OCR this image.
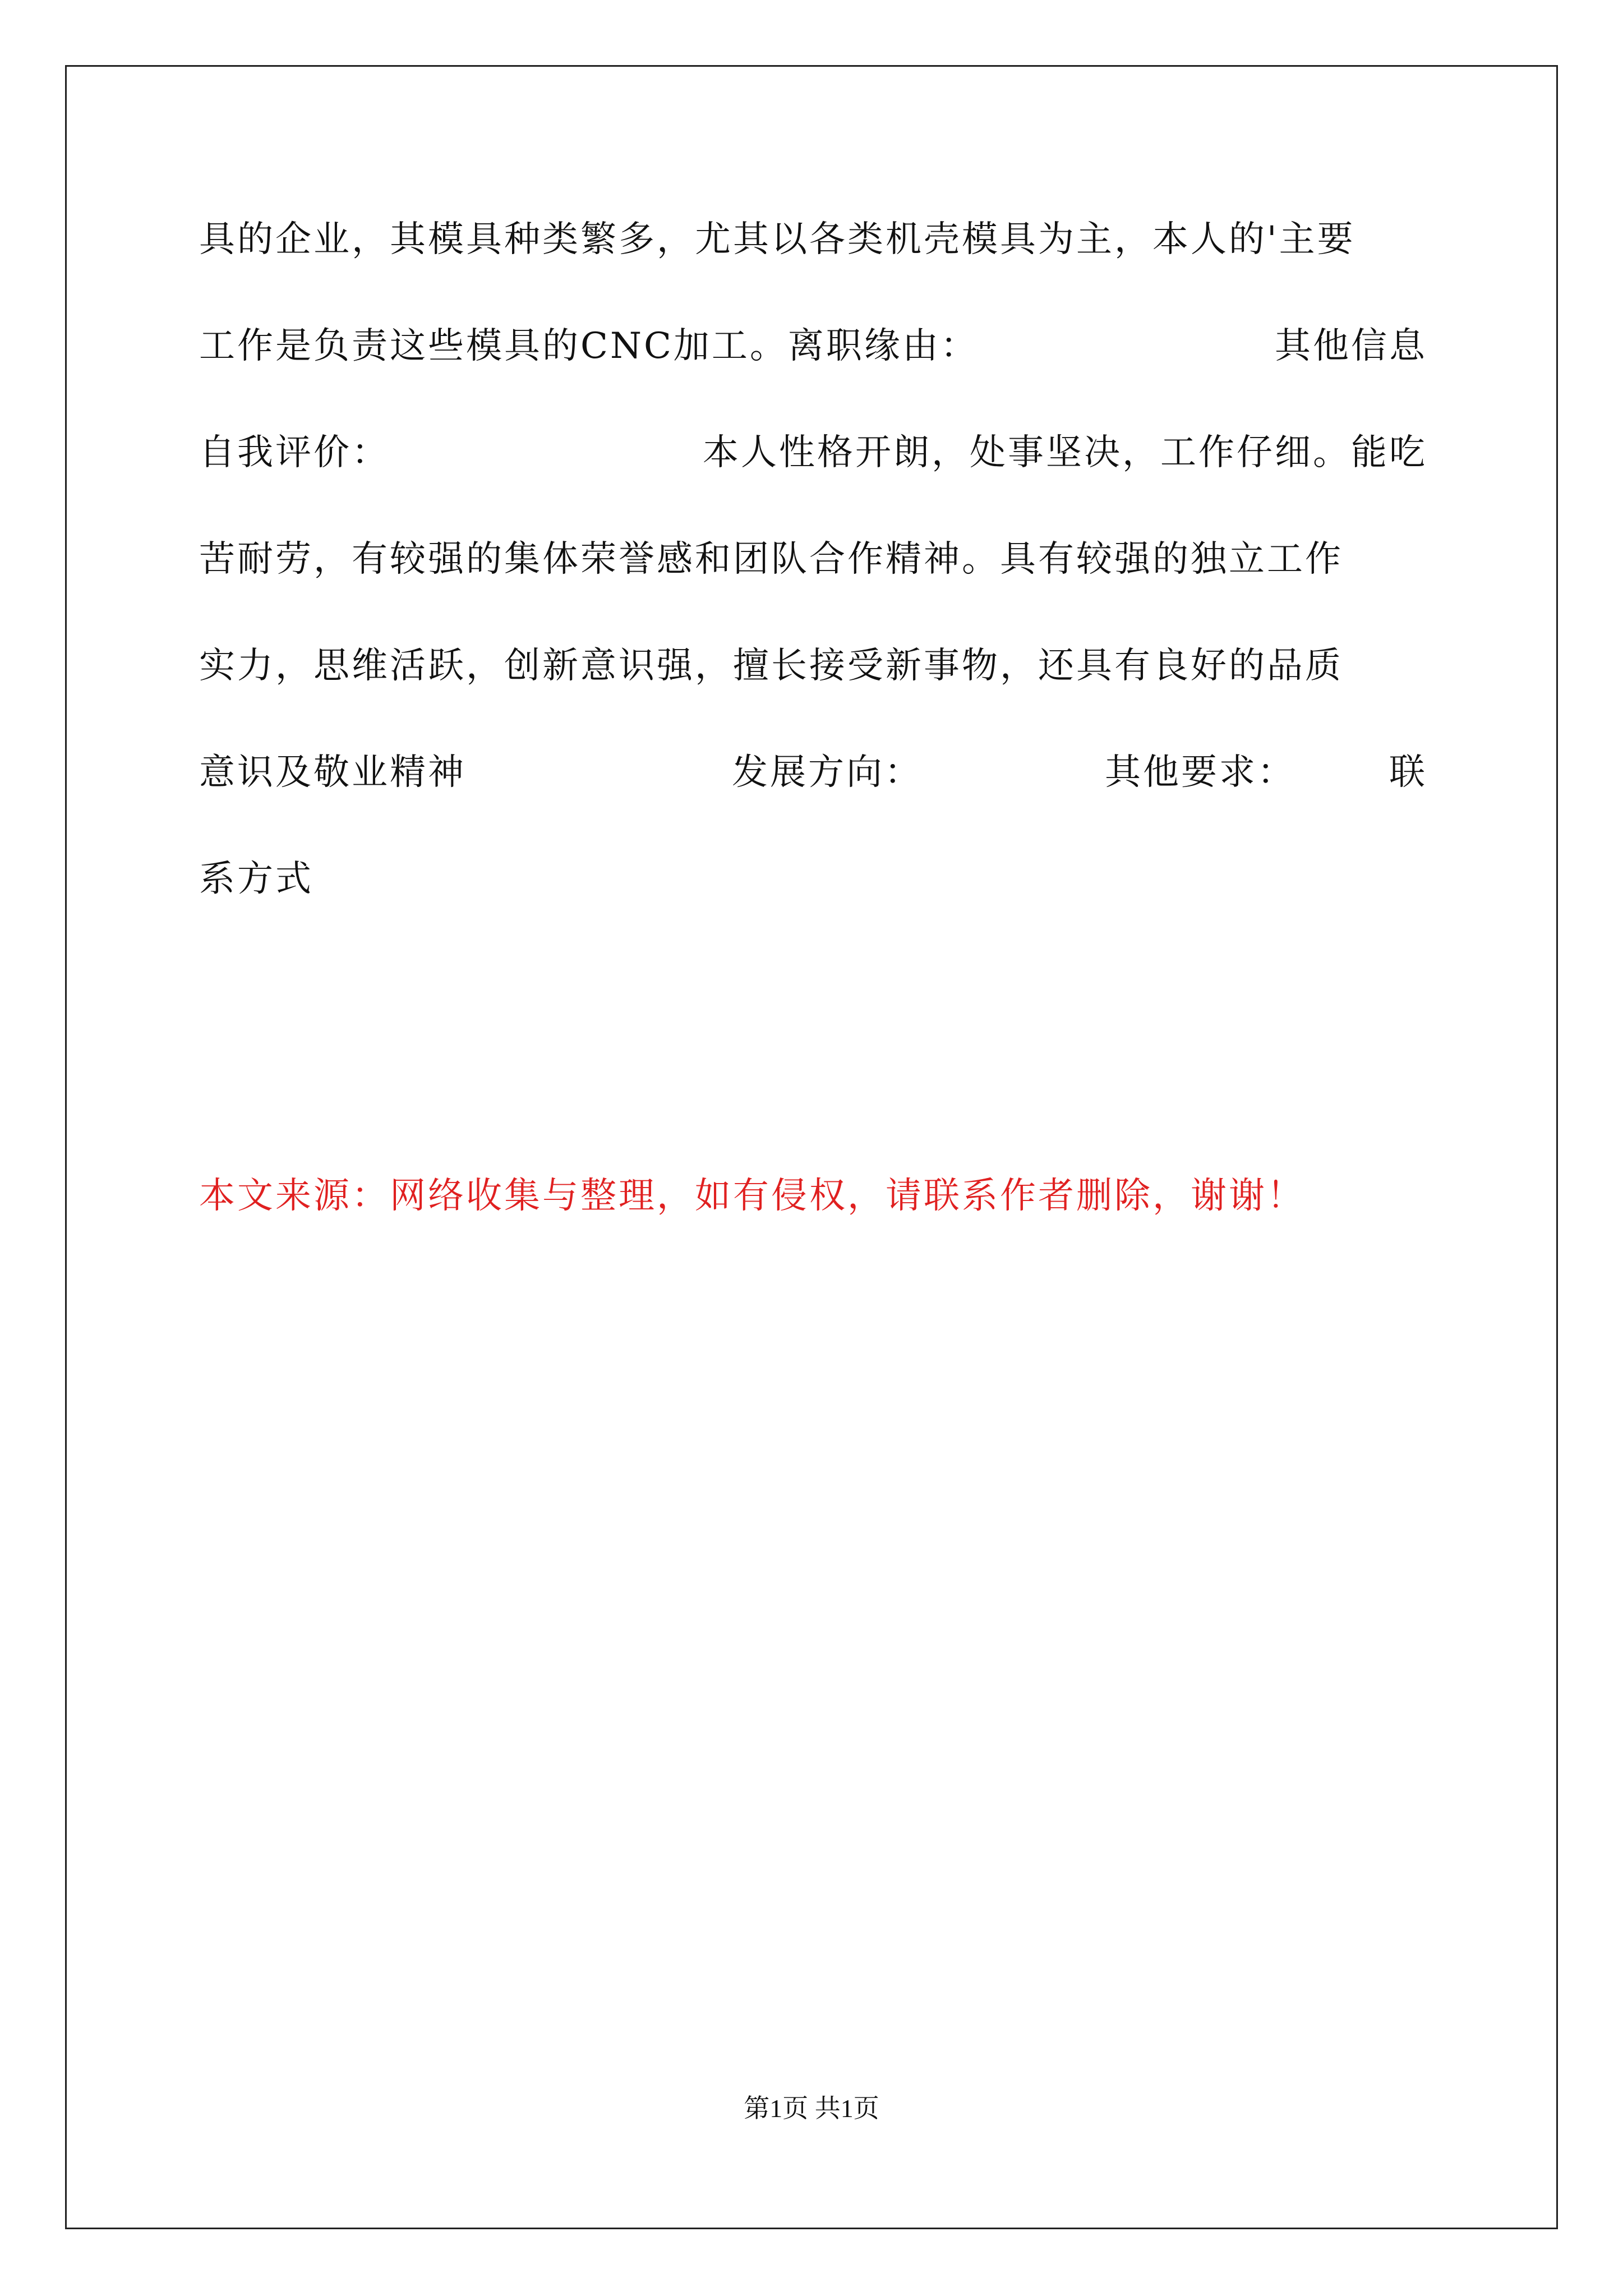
具的企业，其模具种类繁多，尤其以各类机壳模具为主，本人的'主要
工作是负责这些模具的CNC加工。离职缘由：	其他信息
自我评价：	本人性格开朗，处事坚决，工作仔细。能吃
苦耐劳，有较强的集体荣誉感和团队合作精神。具有较强的独立工作
实力，思维活跃，创新意识强，擅长接受新事物，还具有良好的品质
意识及敬业精神	发展方向：	其他要求：	联
系方式
本文来源：网络收集与整理，如有侵权，请联系作者删除，谢谢！
第1页 共1页
